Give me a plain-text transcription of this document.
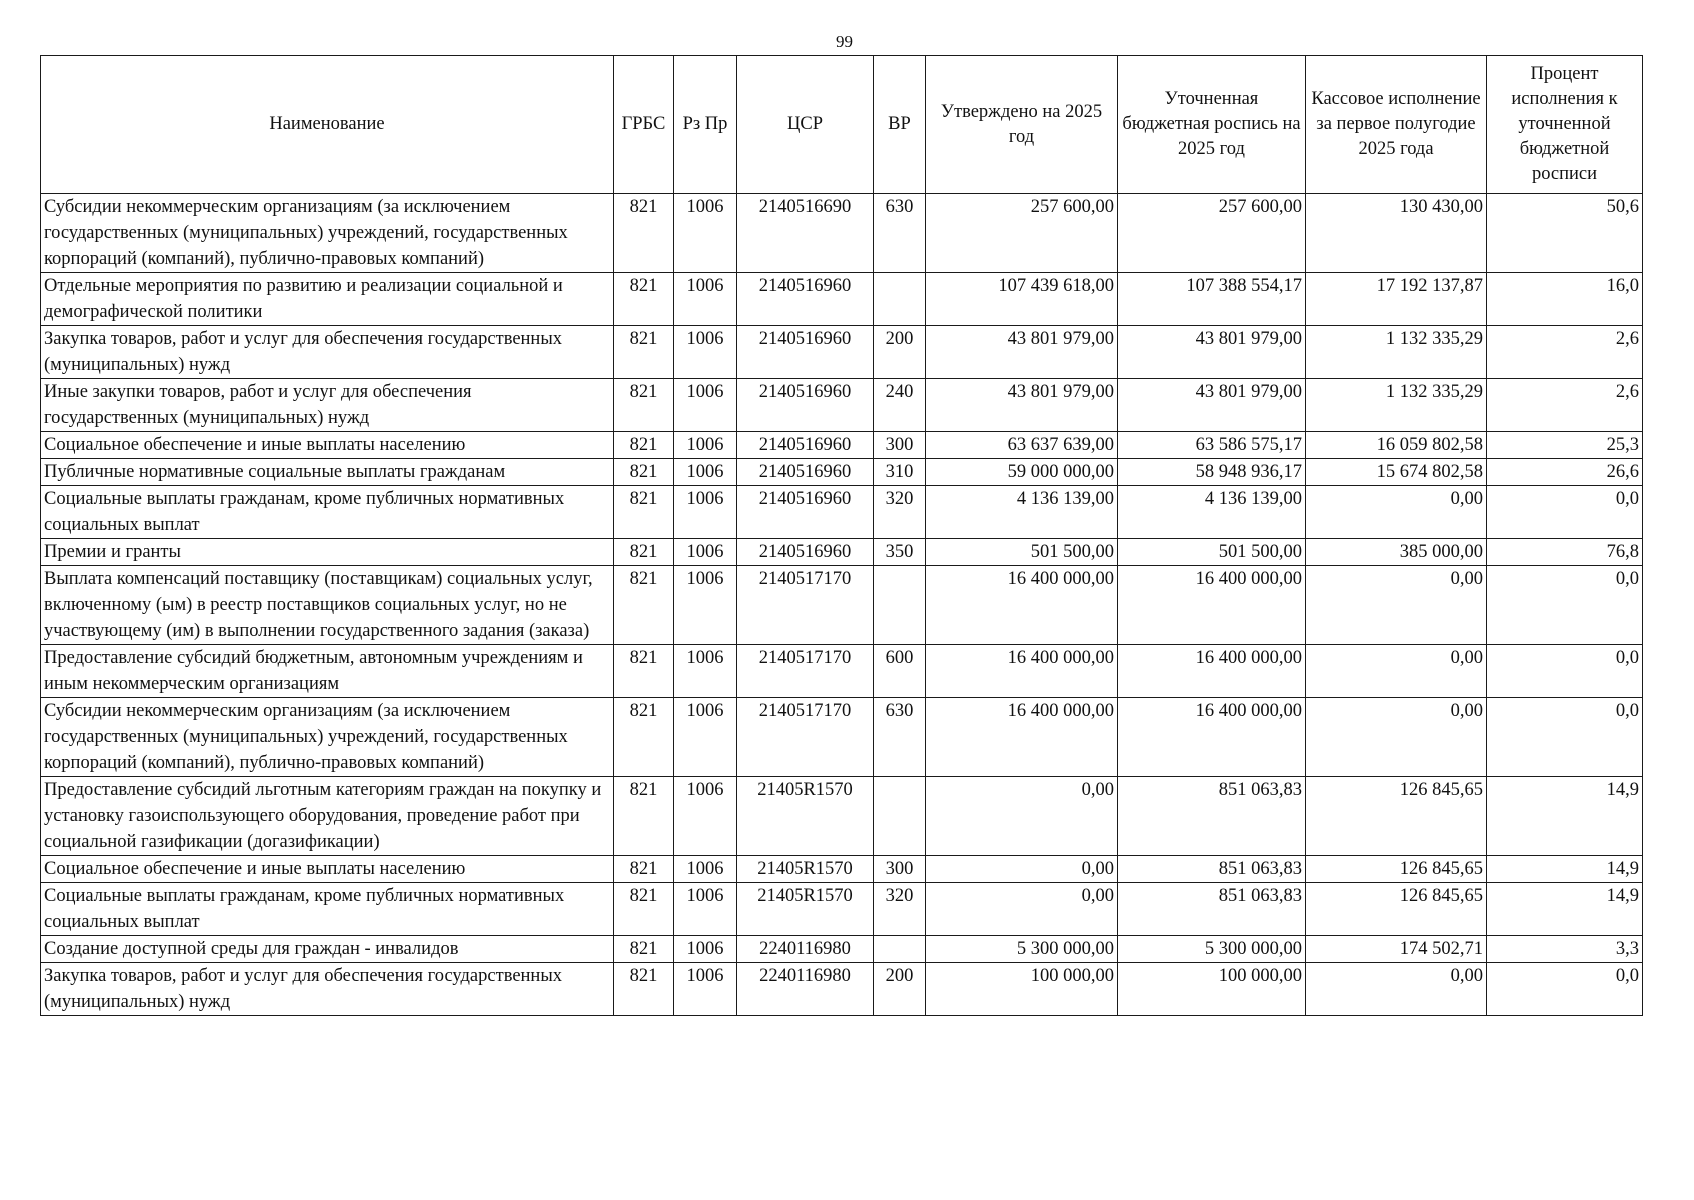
99
Наименование	ГРБС	Рз Пр	ЦСР	ВР	Утверждено на 2025 год	Уточненная бюджетная роспись на 2025 год	Кассовое исполнение за первое полугодие 2025 года	Процент исполнения к уточненной бюджетной росписи
Субсидии некоммерческим организациям (за исключением государственных (муниципальных) учреждений, государственных корпораций (компаний), публично-правовых компаний)	821	1006	2140516690	630	257 600,00	257 600,00	130 430,00	50,6
Отдельные мероприятия по развитию и реализации социальной и демографической политики	821	1006	2140516960		107 439 618,00	107 388 554,17	17 192 137,87	16,0
Закупка товаров, работ и услуг для обеспечения государственных (муниципальных) нужд	821	1006	2140516960	200	43 801 979,00	43 801 979,00	1 132 335,29	2,6
Иные закупки товаров, работ и услуг для обеспечения государственных (муниципальных) нужд	821	1006	2140516960	240	43 801 979,00	43 801 979,00	1 132 335,29	2,6
Социальное обеспечение и иные выплаты населению	821	1006	2140516960	300	63 637 639,00	63 586 575,17	16 059 802,58	25,3
Публичные нормативные социальные выплаты гражданам	821	1006	2140516960	310	59 000 000,00	58 948 936,17	15 674 802,58	26,6
Социальные выплаты гражданам, кроме публичных нормативных социальных выплат	821	1006	2140516960	320	4 136 139,00	4 136 139,00	0,00	0,0
Премии и гранты	821	1006	2140516960	350	501 500,00	501 500,00	385 000,00	76,8
Выплата компенсаций поставщику (поставщикам) социальных услуг, включенному (ым) в реестр поставщиков социальных услуг, но не участвующему (им) в выполнении государственного задания (заказа)	821	1006	2140517170		16 400 000,00	16 400 000,00	0,00	0,0
Предоставление субсидий бюджетным, автономным учреждениям и иным некоммерческим организациям	821	1006	2140517170	600	16 400 000,00	16 400 000,00	0,00	0,0
Субсидии некоммерческим организациям (за исключением государственных (муниципальных) учреждений, государственных корпораций (компаний), публично-правовых компаний)	821	1006	2140517170	630	16 400 000,00	16 400 000,00	0,00	0,0
Предоставление субсидий льготным категориям граждан на покупку и установку газоиспользующего оборудования, проведение работ при социальной газификации (догазификации)	821	1006	21405R1570		0,00	851 063,83	126 845,65	14,9
Социальное обеспечение и иные выплаты населению	821	1006	21405R1570	300	0,00	851 063,83	126 845,65	14,9
Социальные выплаты гражданам, кроме публичных нормативных социальных выплат	821	1006	21405R1570	320	0,00	851 063,83	126 845,65	14,9
Создание доступной среды для граждан - инвалидов	821	1006	2240116980		5 300 000,00	5 300 000,00	174 502,71	3,3
Закупка товаров, работ и услуг для обеспечения государственных (муниципальных) нужд	821	1006	2240116980	200	100 000,00	100 000,00	0,00	0,0
